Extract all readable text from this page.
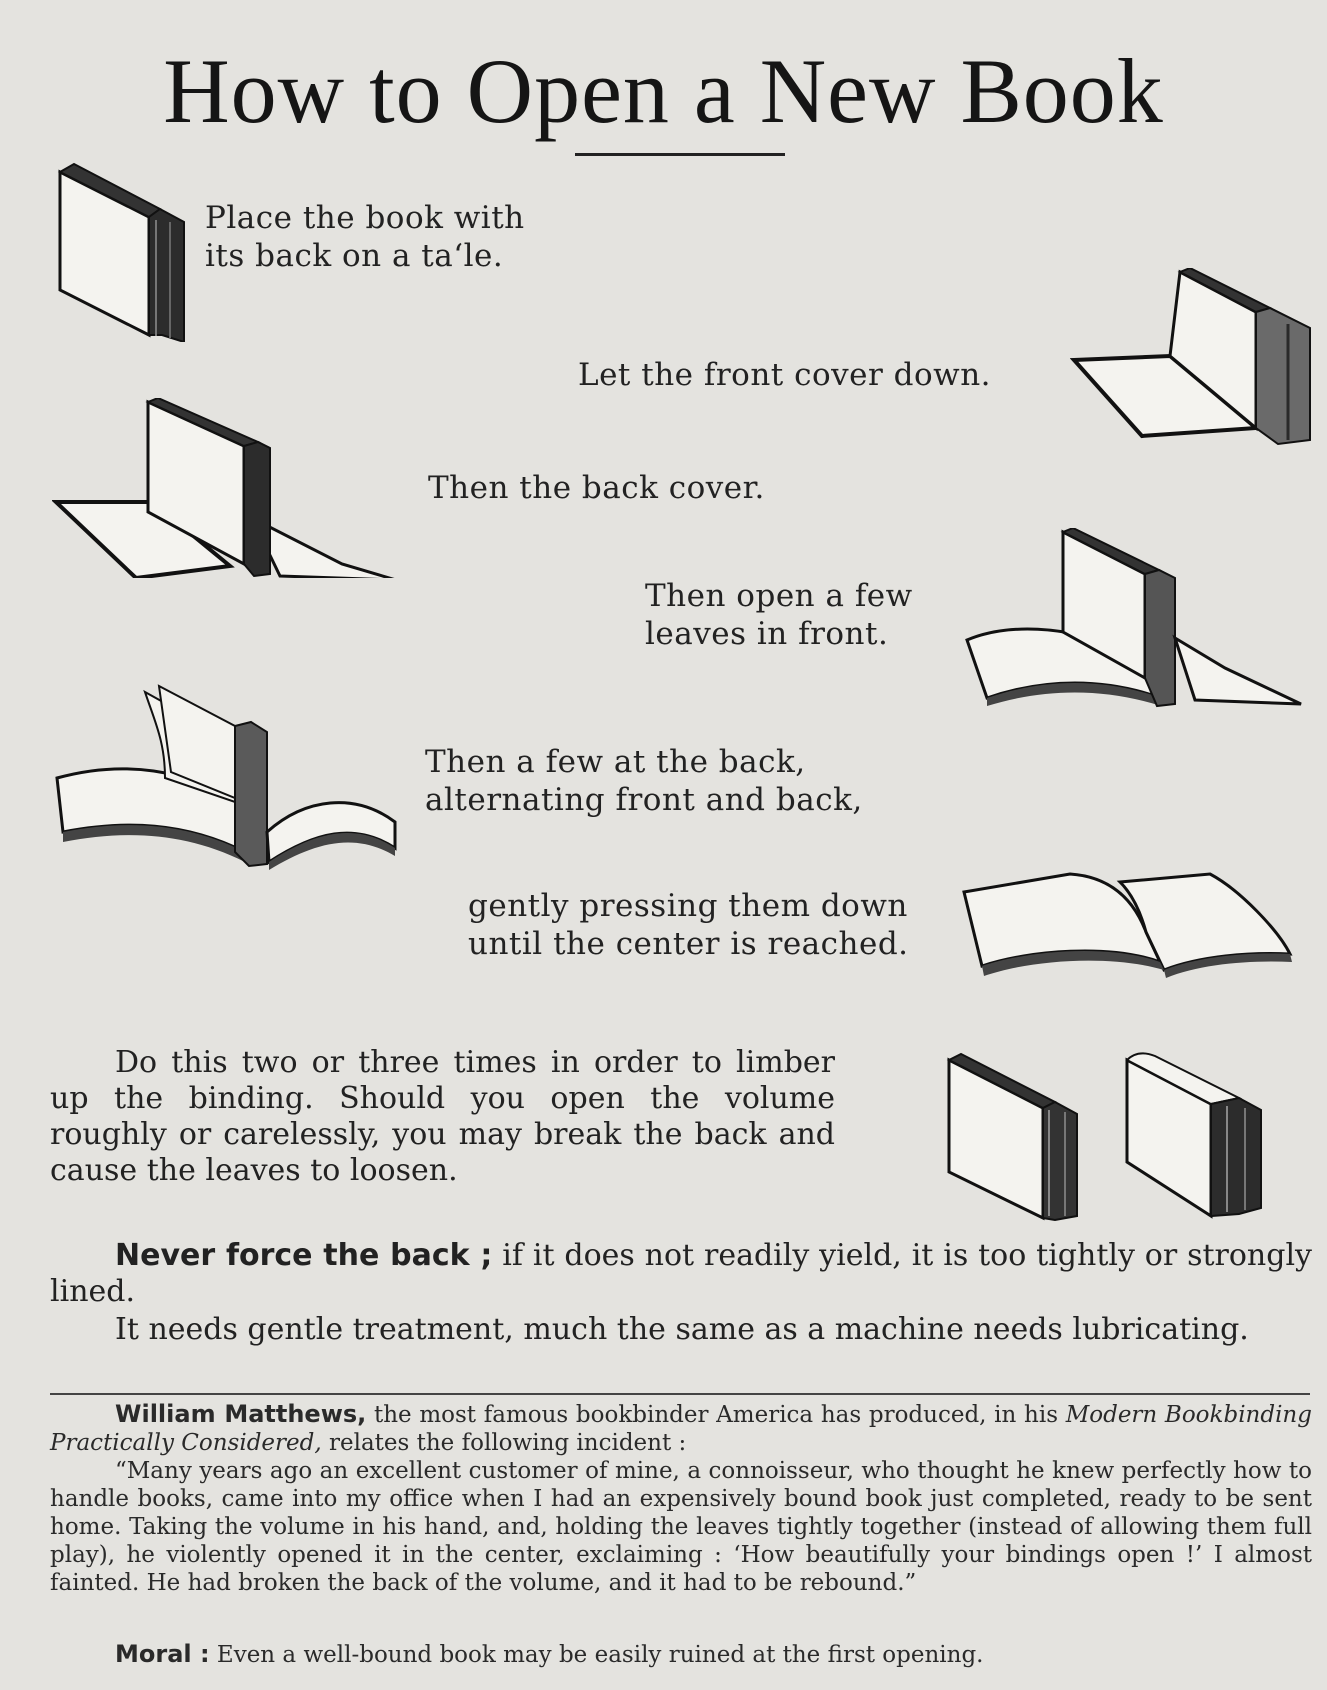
How to Open a New Book
Place the book with
its back on a taʻle.
Let the front cover down.
Then the back cover.
Then open a few
leaves in front.
Then a few at the back,
alternating front and back,
gently pressing them down
until the center is reached.

Do this two or three times in order to limber up the binding. Should you open the volume roughly or carelessly, you may break the back and cause the leaves to loosen.

Never force the back ; if it does not readily yield, it is too tightly or strongly lined.

It needs gentle treatment, much the same as a machine needs lubricating.

William Matthews, the most famous bookbinder America has produced, in his Modern Bookbinding Practically Considered, relates the following incident :

“Many years ago an excellent customer of mine, a connoisseur, who thought he knew perfectly how to handle books, came into my office when I had an expensively bound book just completed, ready to be sent home. Taking the volume in his hand, and, holding the leaves tightly together (instead of allowing them full play), he violently opened it in the center, exclaiming : ‘How beautifully your bindings open !’ I almost fainted. He had broken the back of the volume, and it had to be rebound.”

Moral : Even a well-bound book may be easily ruined at the first opening.
